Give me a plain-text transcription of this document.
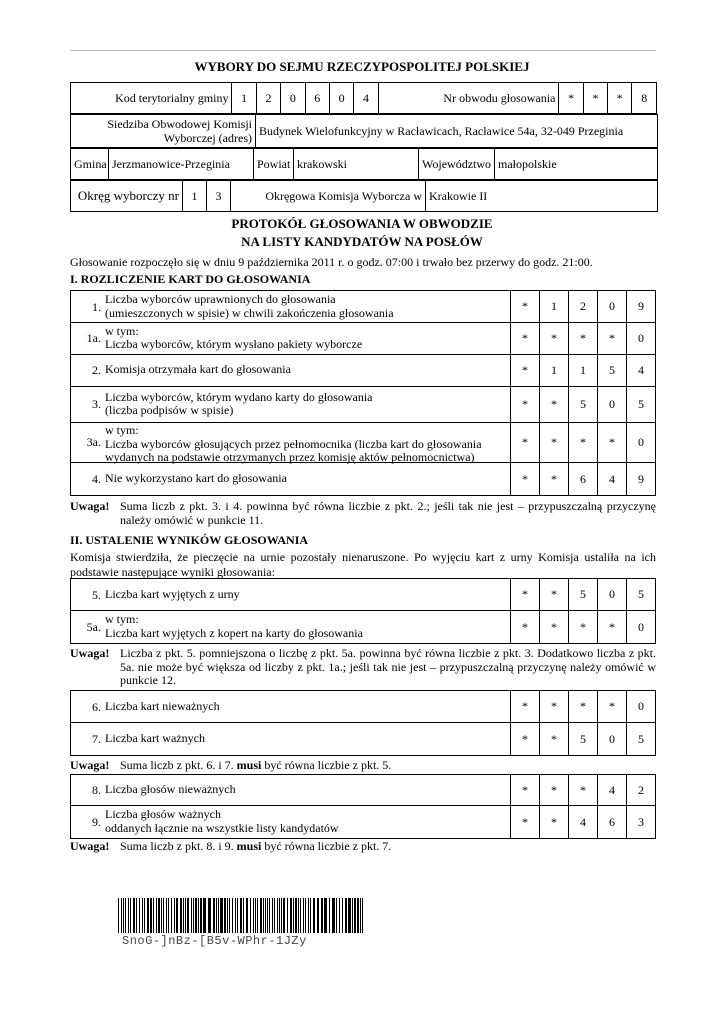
WYBORY DO SEJMU RZECZYPOSPOLITEJ POLSKIEJ
Kod terytorialny gminy	1	2	0	6	0	4	Nr obwodu głosowania	*	*	*	8
Siedziba Obwodowej Komisji
Wyborczej (adres)
	Budynek Wielofunkcyjny w Racławicach, Racławice 54a, 32-049 Przeginia
Gmina	Jerzmanowice-Przeginia	Powiat	krakowski	Województwo	małopolskie
Okręg wyborczy nr	1	3	Okręgowa Komisja Wyborcza w	Krakowie II
PROTOKÓŁ GŁOSOWANIA W OBWODZIE
NA LISTY KANDYDATÓW NA POSŁÓW
Głosowanie rozpoczęło się w dniu 9 października 2011 r. o godz. 07:00 i trwało bez przerwy do godz. 21:00.
I. ROZLICZENIE KART DO GŁOSOWANIA
1.
Liczba wyborców uprawnionych do głosowania
(umieszczonych w spisie) w chwili zakończenia głosowania	*	1	2	0	9
1a.
w tym:
Liczba wyborców, którym wysłano pakiety wyborcze	*	*	*	*	0
2. Komisja otrzymała kart do głosowania	*	1	1	5	4
3.
Liczba wyborców, którym wydano karty do głosowania
(liczba podpisów w spisie)	*	*	5	0	5
3a.
w tym:
Liczba wyborców głosujących przez pełnomocnika (liczba kart do głosowania
wydanych na podstawie otrzymanych przez komisję aktów pełnomocnictwa)
*	*	*	*	0
4. Nie wykorzystano kart do głosowania	*	*	6	4	9
Uwaga! Suma liczb z pkt. 3. i 4. powinna być równa liczbie z pkt. 2.; jeśli tak nie jest – przypuszczalną przyczynę należy omówić w punkcie 11.
II. USTALENIE WYNIKÓW GŁOSOWANIA
Komisja stwierdziła, że pieczęcie na urnie pozostały nienaruszone. Po wyjęciu kart z urny Komisja ustaliła na ich podstawie następujące wyniki głosowania:
5. Liczba kart wyjętych z urny	*	*	5	0	5
5a.
w tym:
Liczba kart wyjętych z kopert na karty do głosowania	*	*	*	*	0
Uwaga! Liczba z pkt. 5. pomniejszona o liczbę z pkt. 5a. powinna być równa liczbie z pkt. 3. Dodatkowo liczba z pkt. 5a. nie może być większa od liczby z pkt. 1a.; jeśli tak nie jest – przypuszczalną przyczynę należy omówić w punkcie 12.
6. Liczba kart nieważnych	*	*	*	*	0
7. Liczba kart ważnych	*	*	5	0	5
Uwaga! Suma liczb z pkt. 6. i 7. musi być równa liczbie z pkt. 5.
8. Liczba głosów nieważnych	*	*	*	4	2
9.
Liczba głosów ważnych
oddanych łącznie na wszystkie listy kandydatów	*	*	4	6	3
Uwaga! Suma liczb z pkt. 8. i 9. musi być równa liczbie z pkt. 7.
SnoG-]nBz-[B5v-WPhr-1JZy
